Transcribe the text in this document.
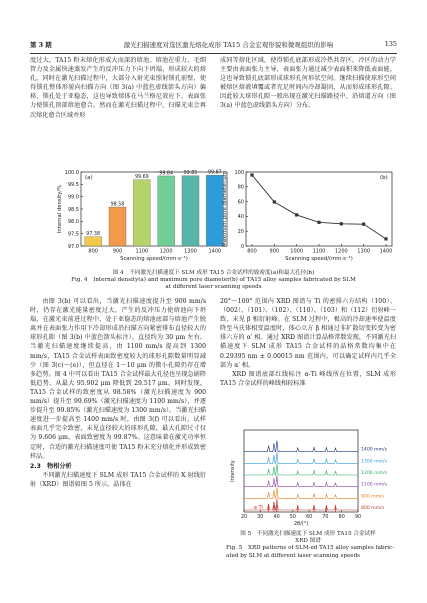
第 3 期	激光扫描速度对选区激光熔化成形 TA15 合金宏观形貌和微观组织的影响	135

度过大，TA15 粉末熔化形成大而深的熔池。熔池在重力、毛细管力及金属快速蒸发产生的反冲压力下向下坍塌，形成较大的熔孔。同时在激光扫描过程中，大部分入射光束照射锁孔前壁，使得锁孔整体形貌向扫描方向（图 3(a) 中蓝色虚线箭头方向）偏移，锁孔处于亚稳态，这也导致熔体在马兰格尼效应下，表面张力使锁孔顶部熔池愈合。然而在激光扫描过程中，扫描光束会再次熔化愈合区域并形

成同等熔化区域，使得锁孔底部形成冷热共存区。冷区的动力学主要由表面张力主导，表面张力通过减少表面积来降低表面能，这也导致锁孔底部形成球形孔何形状空间。继续扫描使球形空间被熔区熔液填覆或者充足时间内冷却凝固，从而形成球形孔隙。因此较大球形孔隙一般出现在激光扫描路径中，沿熔道方向（图 3(a) 中蓝色虚线箭头方向）分布。

97.0
97.5
98.0
98.5
99.0
99.5
100.0
97.38
800
98.58
900
99.69
1100
99.84
1200
99.85
1300
99.87
1400
(a)
Scanning speed/(mm·s⁻¹)
Internal density/%
0
20
40
60
80
100
800	900 1000 1100 1200 1300 1400
(b)
Scanning speed/(mm·s⁻¹)
Maximum pore diameter/μm
图 4　不同激光扫描速度下 SLM 成形 TA15 合金试样的致密度(a)和最大孔径(b)
Fig. 4　Internal density(a) and maximum pore diameter(b) of TA15 alloy samples fabricated by SLM
at different laser scanning speeds

由图 3(b) 可以看出，当激光扫描速度提升至 900 mm/s 时，仍存在激光能量密度过大，产生的反冲压力使熔池向下坍塌，在激光束前进过程中，处于亚稳态的熔池底部与熔池产生脱离并在表面张力作用下冷却形成沿扫描方向紧密排布直径较大的球形孔隙（图 3(b) 中蓝色箭头标注），直径约为 30 μm 左右。当激光扫描速度继续提高，由 1100 mm/s 提高到 1300 mm/s，TA15 合金试样表面致密度较大的球形孔隙数量明显减少（图 3(c)～(e)），但直径在 1～10 μm 的微小孔隙仍存在增多趋势。图 4 中可以看出 TA15 合金试样最大孔径也呈现急剧降低趋势，从最大 95.902 μm 降低到 29.517 μm。同时发现，TA15 合金试样的致密度从 98.58%（激光扫描速度为 900 mm/s）提升至 99.69%（激光扫描速度为 1100 mm/s），并逐步提升至 99.85%（激光扫描速度为 1300 mm/s）。当激光扫描速度进一步提高至 1400 mm/s 时，由图 3(f) 可以看出，试样表面几乎完全致密，未见直径较大的球形孔隙，最大孔隙尺寸仅为 9.606 μm，表面致密度为 99.87%。这意味着在激光功率恒定时，合适的激光扫描速度可使 TA15 粉末充分熔化并形成致密样品。

2.3　物相分析

不同激光扫描速度下 SLM 成形 TA15 合金试样的 X 射线衍射（XRD）图谱如图 5 所示。晶体在

20°～100° 范围内 XRD 图谱与 Ti 的密排六方结构（100）、（002）、（101）、（102）、（110）、（103）和（112）衍射峰一致，未见 β 相衍射峰。在 SLM 过程中，极高的冷却速率使温度降至马氏体相变温度时，体心立方 β 相通过非扩散切变转变为密排六方的 α′ 相。通过 XRD 图谱计算晶格常数发现，不同激光扫描速度下 SLM 成形 TA15 合金试样的晶格常数均集中在 0.29395 nm ± 0.00015 nm 范围内，可以确定试样内几乎全部为 α′ 相。

XRD 图谱底部红线标注 α-Ti 峰线所在位置，SLM 成形 TA15 合金试样的峰线相较标准

20 30 40 50 60 70 80 90
1400 mm/s
1300 mm/s
1200 mm/s
1100 mm/s
900 mm/s
800 mm/s
α-Ti
2θ/(°)
Intensity
图 5　不同激光扫描速度下 SLM 成形 TA15 合金试样
XRD 图谱
Fig. 5　XRD patterns of SLM-ed TA15 alloy samples fabric-
ated by SLM at different laser scanning speeds
